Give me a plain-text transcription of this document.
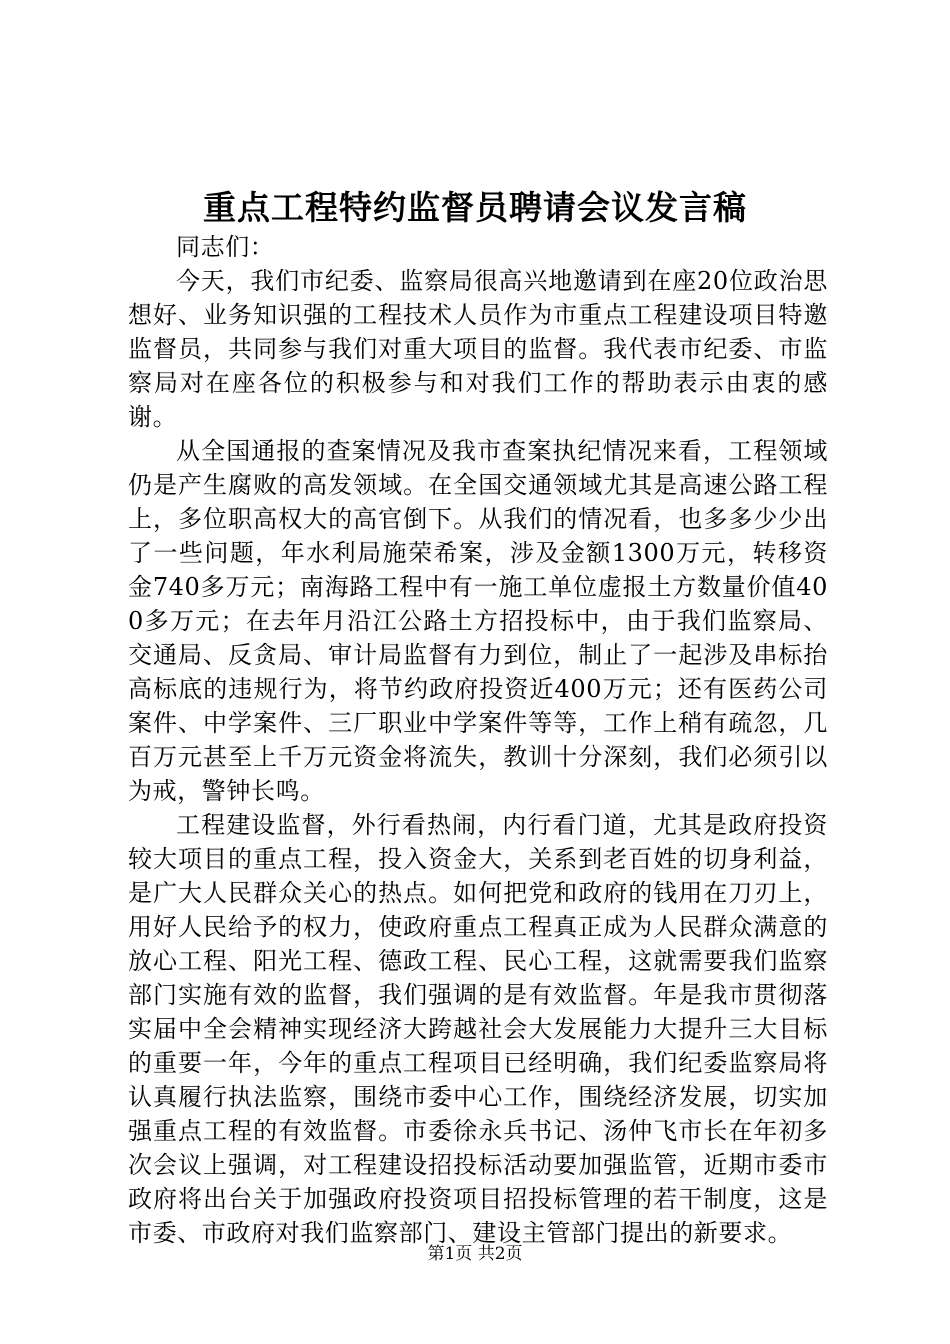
重点工程特约监督员聘请会议发言稿

同志们：

今天，我们市纪委、监察局很高兴地邀请到在座20位政治思想好、业务知识强的工程技术人员作为市重点工程建设项目特邀监督员，共同参与我们对重大项目的监督。我代表市纪委、市监察局对在座各位的积极参与和对我们工作的帮助表示由衷的感谢。

从全国通报的查案情况及我市查案执纪情况来看，工程领域仍是产生腐败的高发领域。在全国交通领域尤其是高速公路工程上，多位职高权大的高官倒下。从我们的情况看，也多多少少出了一些问题，年水利局施荣希案，涉及金额1300万元，转移资金740多万元；南海路工程中有一施工单位虚报土方数量价值400多万元；在去年月沿江公路土方招投标中，由于我们监察局、交通局、反贪局、审计局监督有力到位，制止了一起涉及串标抬高标底的违规行为，将节约政府投资近400万元；还有医药公司案件、中学案件、三厂职业中学案件等等，工作上稍有疏忽，几百万元甚至上千万元资金将流失，教训十分深刻，我们必须引以为戒，警钟长鸣。

工程建设监督，外行看热闹，内行看门道，尤其是政府投资较大项目的重点工程，投入资金大，关系到老百姓的切身利益，是广大人民群众关心的热点。如何把党和政府的钱用在刀刃上，用好人民给予的权力，使政府重点工程真正成为人民群众满意的放心工程、阳光工程、德政工程、民心工程，这就需要我们监察部门实施有效的监督，我们强调的是有效监督。年是我市贯彻落实届中全会精神实现经济大跨越社会大发展能力大提升三大目标的重要一年，今年的重点工程项目已经明确，我们纪委监察局将认真履行执法监察，围绕市委中心工作，围绕经济发展，切实加强重点工程的有效监督。市委徐永兵书记、汤仲飞市长在年初多次会议上强调，对工程建设招投标活动要加强监管，近期市委市政府将出台关于加强政府投资项目招投标管理的若干制度，这是市委、市政府对我们监察部门、建设主管部门提出的新要求。

第1页 共2页
